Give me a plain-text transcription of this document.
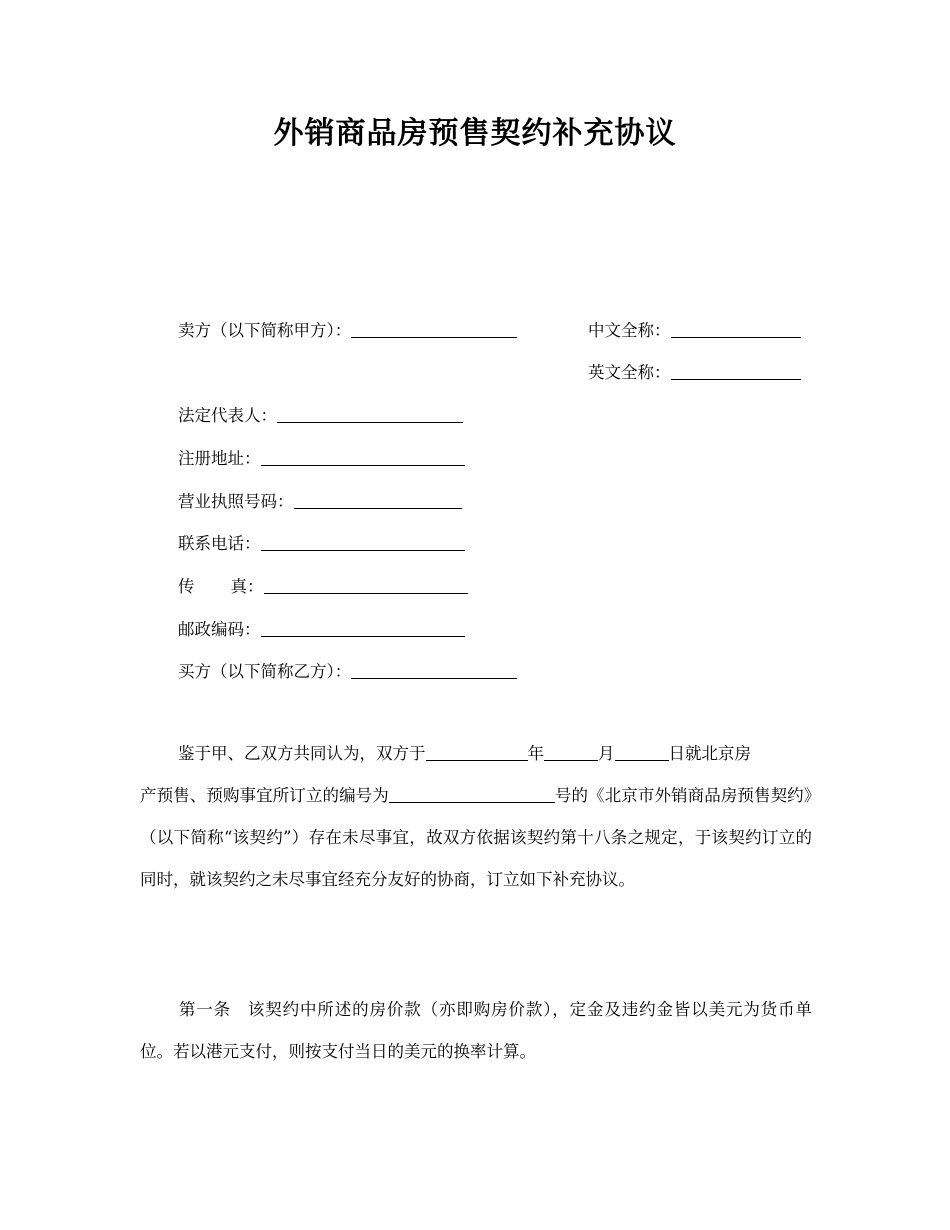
外销商品房预售契约补充协议
卖方（以下简称甲方）：	中文全称：
英文全称：
法定代表人：
注册地址：
营业执照号码：
联系电话：
传 真：
邮政编码：
买方（以下简称乙方）：
鉴于甲、乙双方共同认为，双方于	年	月	日就北京房
产预售、预购事宜所订立的编号为	号的《北京市外销商品房预售契约》（以下简称“该契约”）存在未尽事宜，故双方依据该契约第十八条之规定，于该契约订立的同时，就该契约之未尽事宜经充分友好的协商，订立如下补充协议。
第一条 该契约中所述的房价款（亦即购房价款），定金及违约金皆以美元为货币单位。若以港元支付，则按支付当日的美元的换率计算。
